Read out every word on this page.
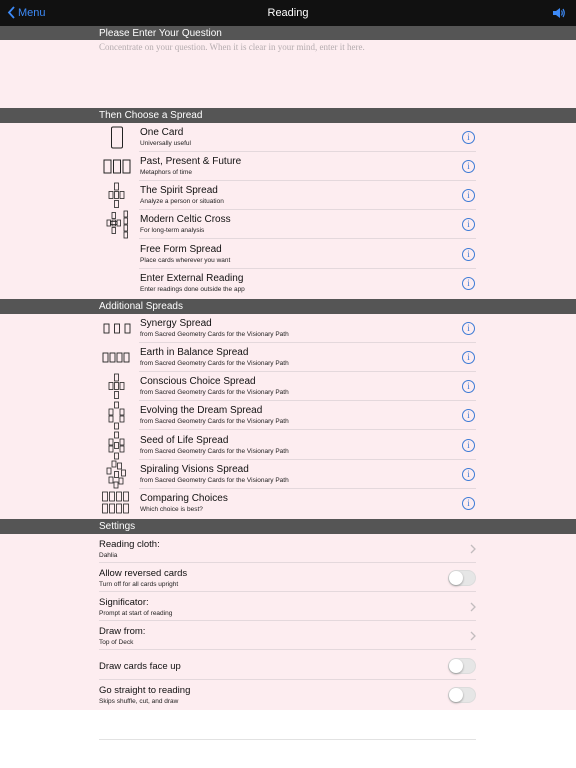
Menu	Reading
Please Enter Your Question
Concentrate on your question. When it is clear in your mind, enter it here.
Then Choose a Spread
One Card
Universally useful
i
Past, Present & Future
Metaphors of time
i
The Spirit Spread
Analyze a person or situation
i
Modern Celtic Cross
For long-term analysis
i
Free Form Spread
Place cards wherever you want
i
Enter External Reading
Enter readings done outside the app
i
Additional Spreads
Synergy Spread
from Sacred Geometry Cards for the Visionary Path
i
Earth in Balance Spread
from Sacred Geometry Cards for the Visionary Path
i
Conscious Choice Spread
from Sacred Geometry Cards for the Visionary Path
i
Evolving the Dream Spread
from Sacred Geometry Cards for the Visionary Path
i
Seed of Life Spread
from Sacred Geometry Cards for the Visionary Path
i
Spiraling Visions Spread
from Sacred Geometry Cards for the Visionary Path
i
Comparing Choices
Which choice is best?
i
Settings
Reading cloth:
Dahlia
Allow reversed cards
Turn off for all cards upright
Significator:
Prompt at start of reading
Draw from:
Top of Deck
Draw cards face up
Go straight to reading
Skips shuffle, cut, and draw
